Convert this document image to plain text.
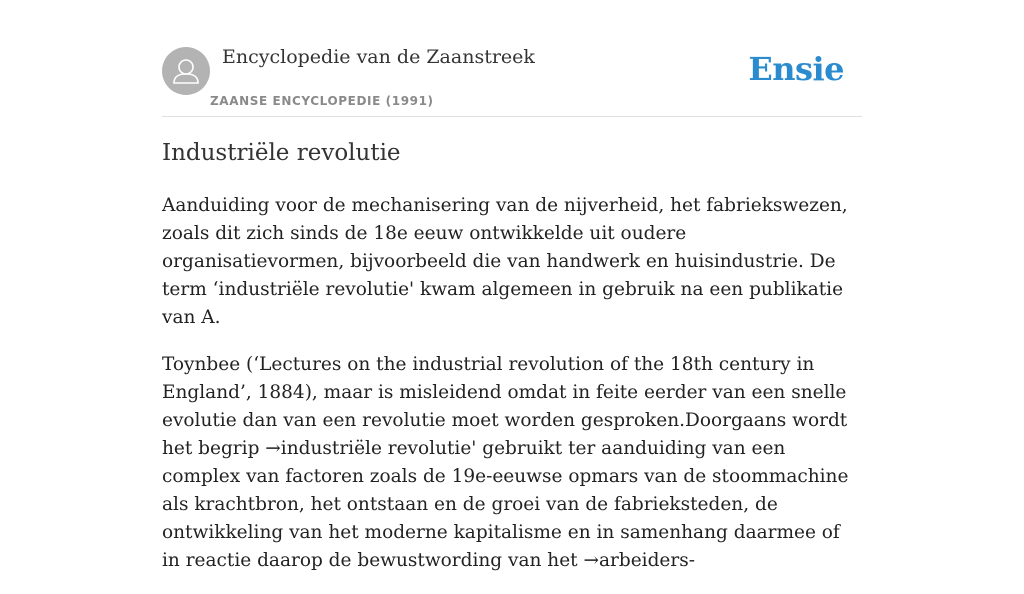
Encyclopedie van de Zaanstreek
ZAANSE ENCYCLOPEDIE (1991)
Ensie
Industriële revolutie

Aanduiding voor de mechanisering van de nijverheid, het fabriekswezen, zoals dit zich sinds de 18e eeuw ontwikkelde uit oudere organisatievormen, bijvoorbeeld die van handwerk en huisindustrie. De term ‘industriële revolutie' kwam algemeen in gebruik na een publikatie van A.

Toynbee (‘Lectures on the industrial revolution of the 18th century in England’, 1884), maar is misleidend omdat in feite eerder van een snelle evolutie dan van een revolutie moet worden gesproken.Doorgaans wordt het begrip →industriële revolutie' gebruikt ter aanduiding van een complex van factoren zoals de 19e-eeuwse opmars van de stoommachine als krachtbron, het ontstaan en de groei van de fabrieksteden, de ontwikkeling van het moderne kapitalisme en in samenhang daarmee of in reactie daarop de bewustwording van het →arbeiders-
